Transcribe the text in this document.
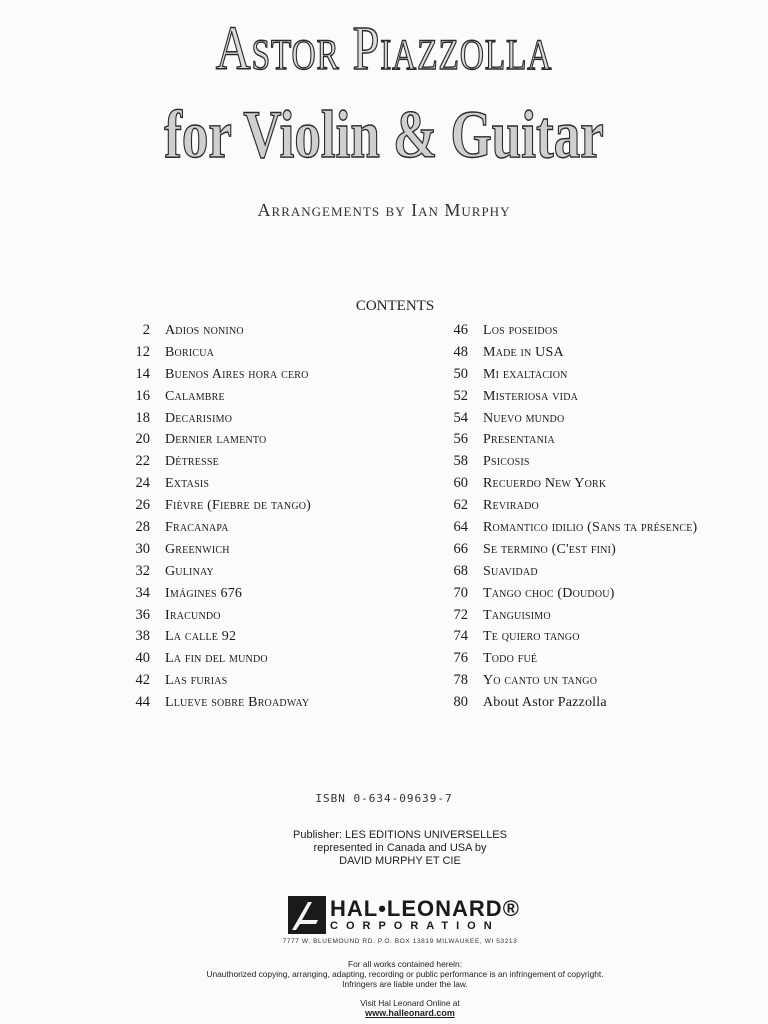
Astor Piazzolla
for Violin & Guitar
Arrangements by Ian Murphy
CONTENTS
2 Adios nonino
12 Boricua
14 Buenos Aires hora cero
16 Calambre
18 Decarisimo
20 Dernier lamento
22 Détresse
24 Extasis
26 Fièvre (Fiebre de tango)
28 Fracanapa
30 Greenwich
32 Gulinay
34 Imágines 676
36 Iracundo
38 La calle 92
40 La fin del mundo
42 Las furias
44 Llueve sobre Broadway
46 Los poseidos
48 Made in USA
50 Mi exaltacion
52 Misteriosa vida
54 Nuevo mundo
56 Presentania
58 Psicosis
60 Recuerdo New York
62 Revirado
64 Romantico idilio (Sans ta présence)
66 Se termino (C'est fini)
68 Suavidad
70 Tango choc (Doudou)
72 Tanguisimo
74 Te quiero tango
76 Todo fué
78 Yo canto un tango
80 About Astor Pazzolla
ISBN 0-634-09639-7
Publisher: LES EDITIONS UNIVERSELLES
represented in Canada and USA by
DAVID MURPHY ET CIE
HAL•LEONARD®
CORPORATION
7777 W. BLUEMOUND RD. P.O. BOX 13819 MILWAUKEE, WI 53213
For all works contained herein:
Unauthorized copying, arranging, adapting, recording or public performance is an infringement of copyright.
Infringers are liable under the law.
Visit Hal Leonard Online at
www.halleonard.com
